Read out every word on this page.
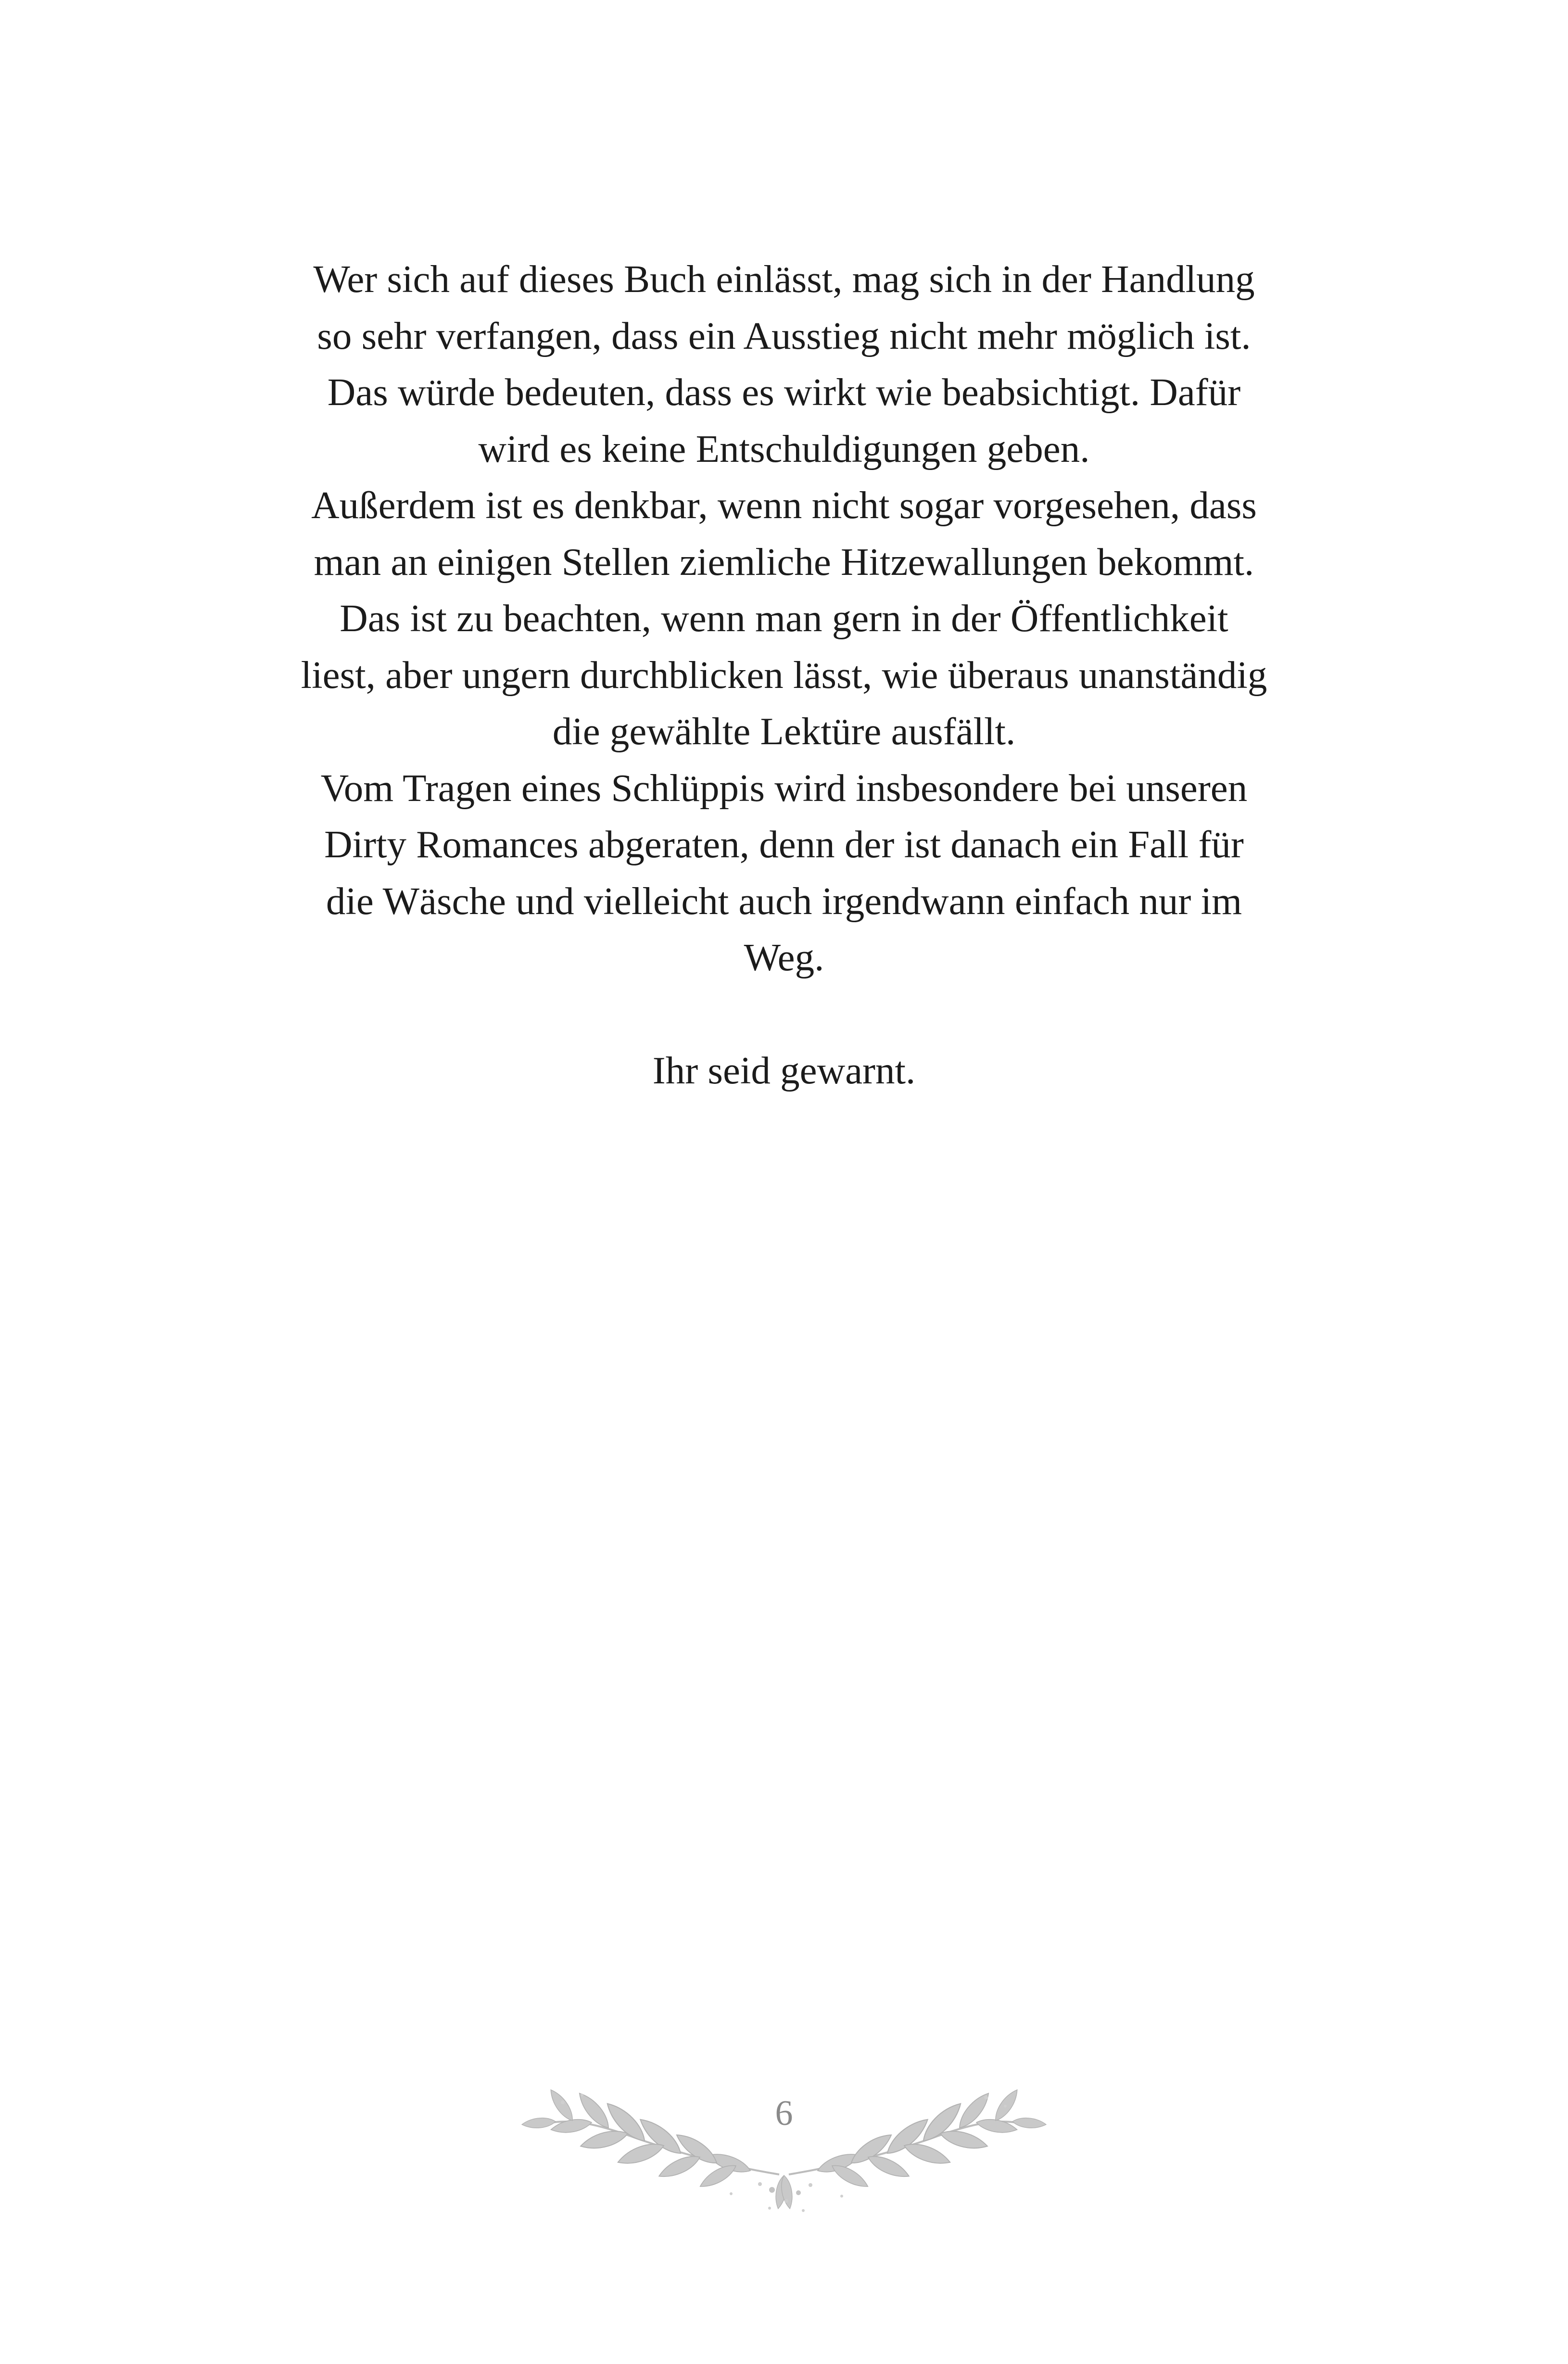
Wer sich auf dieses Buch einlässt, mag sich in der Handlung
so sehr verfangen, dass ein Ausstieg nicht mehr möglich ist.
Das würde bedeuten, dass es wirkt wie beabsichtigt. Dafür
wird es keine Entschuldigungen geben.
Außerdem ist es denkbar, wenn nicht sogar vorgesehen, dass
man an einigen Stellen ziemliche Hitzewallungen bekommt.
Das ist zu beachten, wenn man gern in der Öffentlichkeit
liest, aber ungern durchblicken lässt, wie überaus unanständig
die gewählte Lektüre ausfällt.
Vom Tragen eines Schlüppis wird insbesondere bei unseren
Dirty Romances abgeraten, denn der ist danach ein Fall für
die Wäsche und vielleicht auch irgendwann einfach nur im
Weg.
Ihr seid gewarnt.
6
